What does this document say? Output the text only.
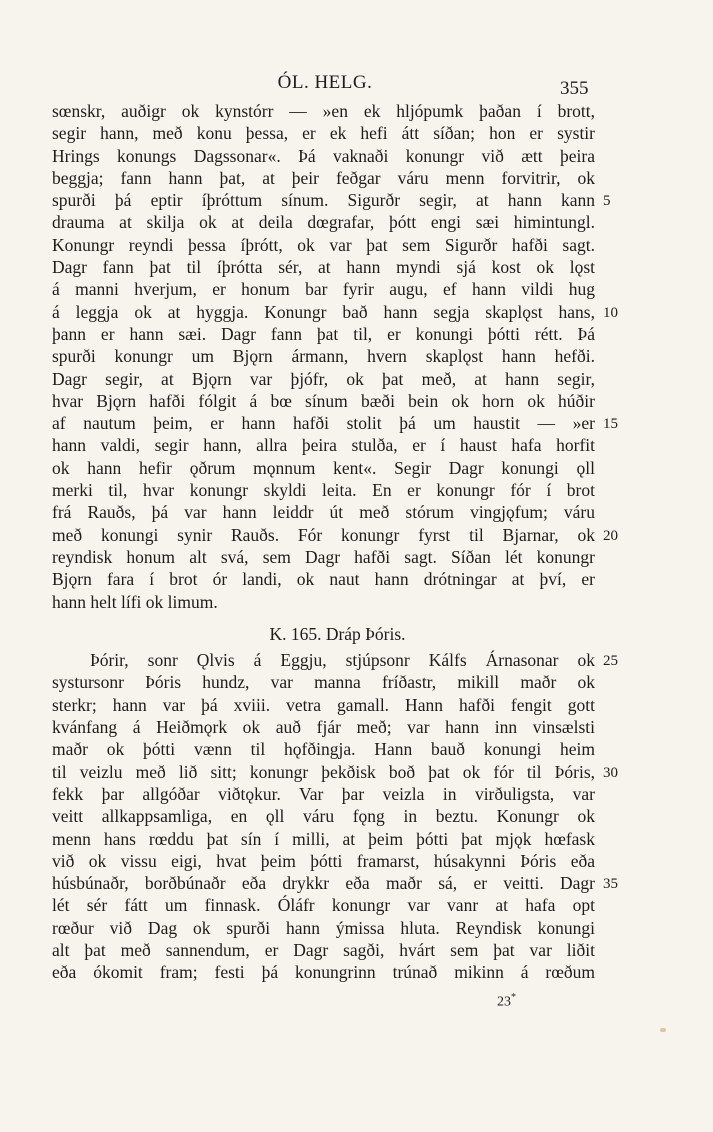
ÓL. HELG.	355
sœnskr, auðigr ok kynstórr — »en ek hljópumk þaðan í brott,
segir hann, með konu þessa, er ek hefi átt síðan; hon er systir
Hrings konungs Dagssonar«. Þá vaknaði konungr við ætt þeira
beggja; fann hann þat, at þeir feðgar váru menn forvitrir, ok
spurði þá eptir íþróttum sínum. Sigurðr segir, at hann kann 5
drauma at skilja ok at deila dœgrafar, þótt engi sæi himintungl.
Konungr reyndi þessa íþrótt, ok var þat sem Sigurðr hafði sagt.
Dagr fann þat til íþrótta sér, at hann myndi sjá kost ok lǫst
á manni hverjum, er honum bar fyrir augu, ef hann vildi hug
á leggja ok at hyggja. Konungr bað hann segja skaplǫst hans, 10
þann er hann sæi. Dagr fann þat til, er konungi þótti rétt. Þá
spurði konungr um Bjǫrn ármann, hvern skaplǫst hann hefði.
Dagr segir, at Bjǫrn var þjófr, ok þat með, at hann segir,
hvar Bjǫrn hafði fólgit á bœ sínum bæði bein ok horn ok húðir
af nautum þeim, er hann hafði stolit þá um haustit — »er 15
hann valdi, segir hann, allra þeira stulða, er í haust hafa horfit
ok hann hefir ǫðrum mǫnnum kent«. Segir Dagr konungi ǫll
merki til, hvar konungr skyldi leita. En er konungr fór í brot
frá Rauðs, þá var hann leiddr út með stórum vingjǫfum; váru
með konungi synir Rauðs. Fór konungr fyrst til Bjarnar, ok 20
reyndisk honum alt svá, sem Dagr hafði sagt. Síðan lét konungr
Bjǫrn fara í brot ór landi, ok naut hann drótningar at því, er
hann helt lífi ok limum.
K. 165. Dráp Þóris.
Þórir, sonr Ǫlvis á Eggju, stjúpsonr Kálfs Árnasonar ok 25
systursonr Þóris hundz, var manna fríðastr, mikill maðr ok
sterkr; hann var þá xviii. vetra gamall. Hann hafði fengit gott
kvánfang á Heiðmǫrk ok auð fjár með; var hann inn vinsælsti
maðr ok þótti vænn til hǫfðingja. Hann bauð konungi heim
til veizlu með lið sitt; konungr þekðisk boð þat ok fór til Þóris, 30
fekk þar allgóðar viðtǫkur. Var þar veizla in virðuligsta, var
veitt allkappsamliga, en ǫll váru fǫng in beztu. Konungr ok
menn hans rœddu þat sín í milli, at þeim þótti þat mjǫk hœfask
við ok vissu eigi, hvat þeim þótti framarst, húsakynni Þóris eða
húsbúnaðr, borðbúnaðr eða drykkr eða maðr sá, er veitti. Dagr 35
lét sér fátt um finnask. Óláfr konungr var vanr at hafa opt
rœður við Dag ok spurði hann ýmissa hluta. Reyndisk konungi
alt þat með sannendum, er Dagr sagði, hvárt sem þat var liðit
eða ókomit fram; festi þá konungrinn trúnað mikinn á rœðum
23*
